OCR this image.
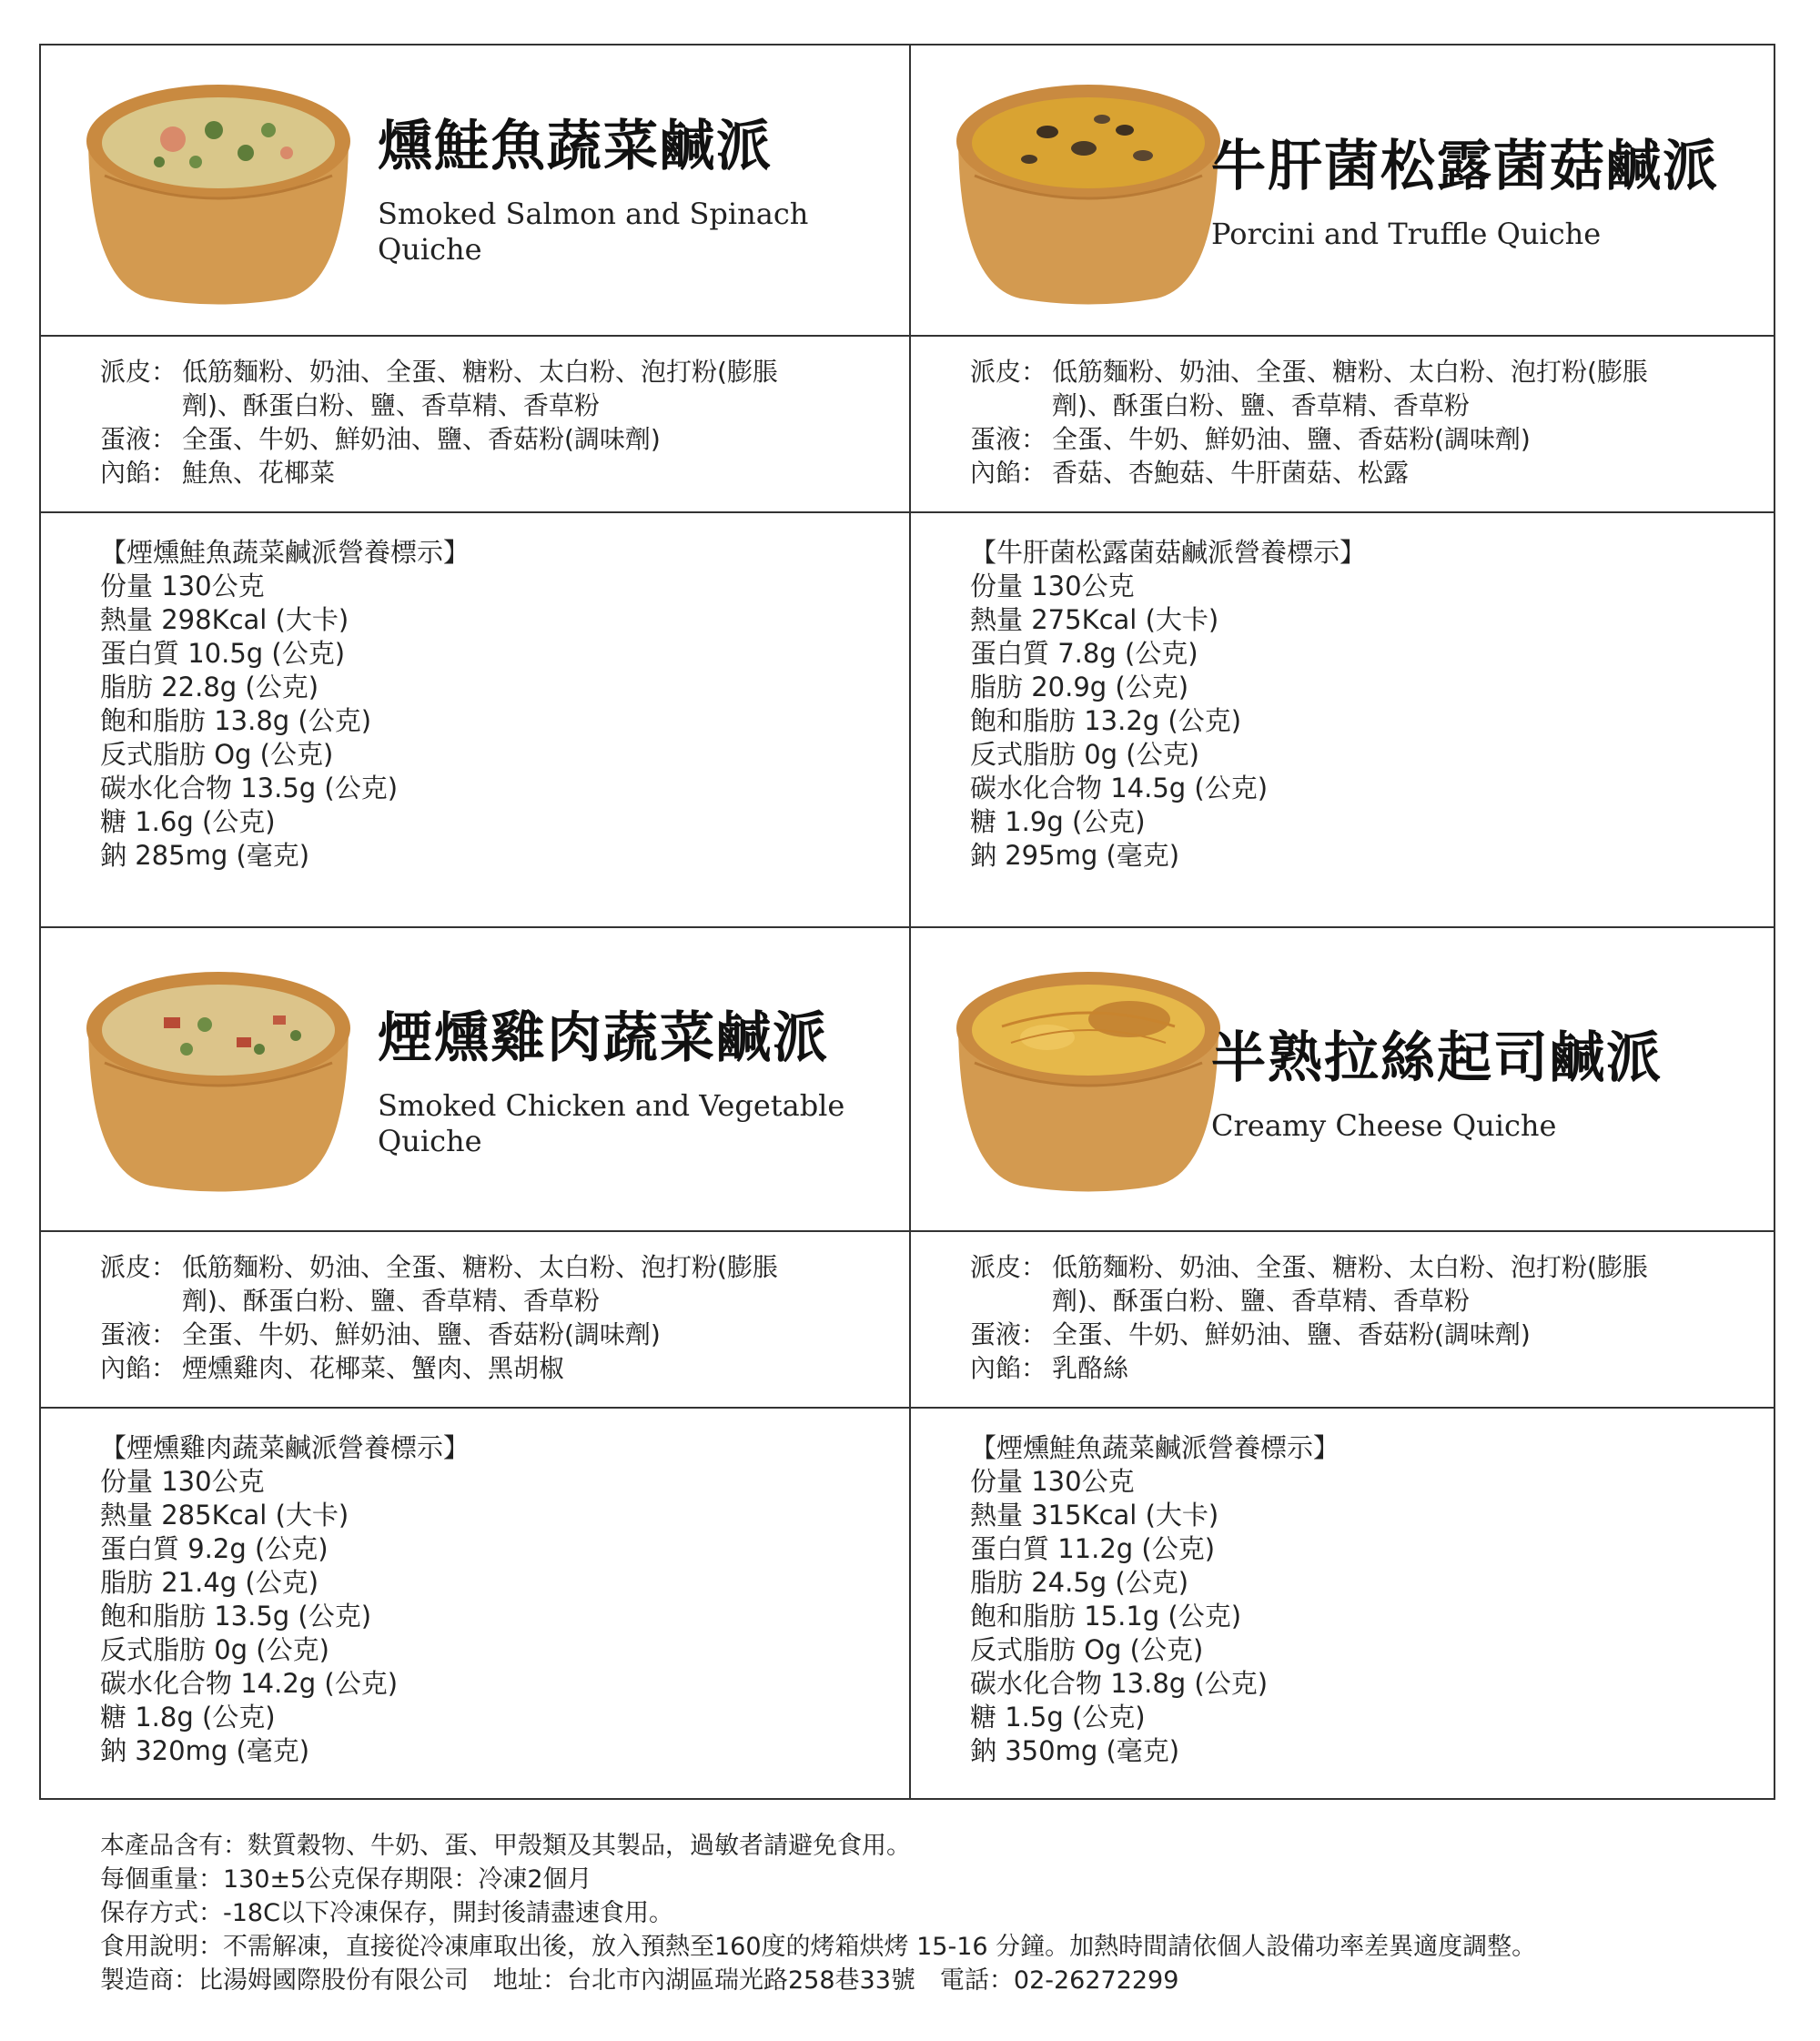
燻鮭魚蔬菜鹹派
Smoked Salmon and Spinach Quiche
派皮： 低筋麵粉、奶油、全蛋、糖粉、太白粉、泡打粉(膨脹劑)、酥蛋白粉、鹽、香草精、香草粉
蛋液： 全蛋、牛奶、鮮奶油、鹽、香菇粉(調味劑)
內餡： 鮭魚、花椰菜
【煙燻鮭魚蔬菜鹹派營養標示】
份量 130公克
熱量 298Kcal (大卡)
蛋白質 10.5g (公克)
脂肪 22.8g (公克)
飽和脂肪 13.8g (公克)
反式脂肪 Og (公克)
碳水化合物 13.5g (公克)
糖 1.6g (公克)
鈉 285mg (毫克)
牛肝菌松露菌菇鹹派
Porcini and Truffle Quiche
派皮： 低筋麵粉、奶油、全蛋、糖粉、太白粉、泡打粉(膨脹劑)、酥蛋白粉、鹽、香草精、香草粉
蛋液： 全蛋、牛奶、鮮奶油、鹽、香菇粉(調味劑)
內餡： 香菇、杏鮑菇、牛肝菌菇、松露
【牛肝菌松露菌菇鹹派營養標示】
份量 130公克
熱量 275Kcal (大卡)
蛋白質 7.8g (公克)
脂肪 20.9g (公克)
飽和脂肪 13.2g (公克)
反式脂肪 0g (公克)
碳水化合物 14.5g (公克)
糖 1.9g (公克)
鈉 295mg (毫克)
煙燻雞肉蔬菜鹹派
Smoked Chicken and Vegetable Quiche
派皮： 低筋麵粉、奶油、全蛋、糖粉、太白粉、泡打粉(膨脹劑)、酥蛋白粉、鹽、香草精、香草粉
蛋液： 全蛋、牛奶、鮮奶油、鹽、香菇粉(調味劑)
內餡： 煙燻雞肉、花椰菜、蟹肉、黑胡椒
【煙燻雞肉蔬菜鹹派營養標示】
份量 130公克
熱量 285Kcal (大卡)
蛋白質 9.2g (公克)
脂肪 21.4g (公克)
飽和脂肪 13.5g (公克)
反式脂肪 0g (公克)
碳水化合物 14.2g (公克)
糖 1.8g (公克)
鈉 320mg (毫克)
半熟拉絲起司鹹派
Creamy Cheese Quiche
派皮： 低筋麵粉、奶油、全蛋、糖粉、太白粉、泡打粉(膨脹劑)、酥蛋白粉、鹽、香草精、香草粉
蛋液： 全蛋、牛奶、鮮奶油、鹽、香菇粉(調味劑)
內餡： 乳酪絲
【煙燻鮭魚蔬菜鹹派營養標示】
份量 130公克
熱量 315Kcal (大卡)
蛋白質 11.2g (公克)
脂肪 24.5g (公克)
飽和脂肪 15.1g (公克)
反式脂肪 Og (公克)
碳水化合物 13.8g (公克)
糖 1.5g (公克)
鈉 350mg (毫克)
本產品含有：麩質穀物、牛奶、蛋、甲殼類及其製品，過敏者請避免食用。
每個重量：130±5公克保存期限：冷凍2個月
保存方式：-18C以下冷凍保存，開封後請盡速食用。
食用說明：不需解凍，直接從冷凍庫取出後，放入預熱至160度的烤箱烘烤 15-16 分鐘。加熱時間請依個人設備功率差異適度調整。
製造商：比湯姆國際股份有限公司　地址：台北市內湖區瑞光路258巷33號　電話：02-26272299
